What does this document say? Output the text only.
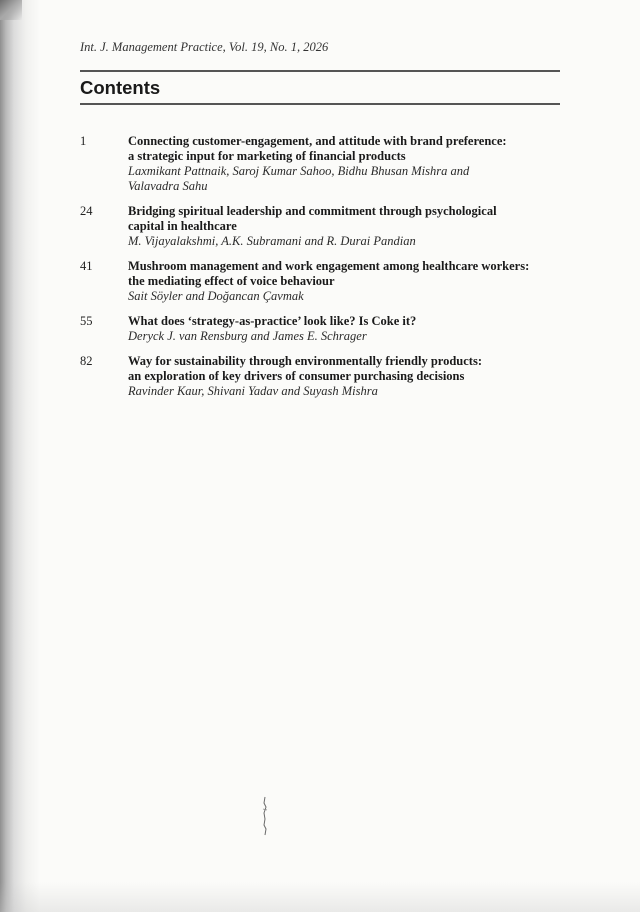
Int. J. Management Practice, Vol. 19, No. 1, 2026
Contents
1	Connecting customer-engagement, and attitude with brand preference:
a strategic input for marketing of financial products
Laxmikant Pattnaik, Saroj Kumar Sahoo, Bidhu Bhusan Mishra and
Valavadra Sahu
24	Bridging spiritual leadership and commitment through psychological
capital in healthcare
M. Vijayalakshmi, A.K. Subramani and R. Durai Pandian
41	Mushroom management and work engagement among healthcare workers:
the mediating effect of voice behaviour
Sait Söyler and Doğancan Çavmak
55	What does ‘strategy-as-practice’ look like? Is Coke it?
Deryck J. van Rensburg and James E. Schrager
82	Way for sustainability through environmentally friendly products:
an exploration of key drivers of consumer purchasing decisions
Ravinder Kaur, Shivani Yadav and Suyash Mishra
